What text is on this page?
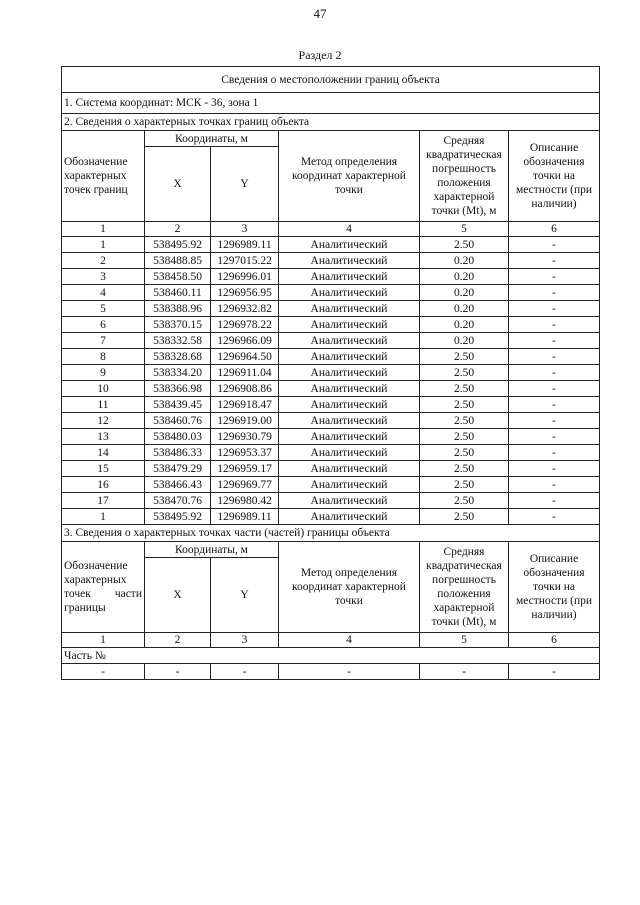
47
Раздел 2
Сведения о местоположении границ объекта					
1. Система координат: МСК - 36, зона 1					
2. Сведения о характерных точках границ объекта					
Обозначение характерных точек границ	Координаты, м		Метод определения координат характерной точки	Средняя квадратическая погрешность положения характерной точки (Mt), м	Описание обозначения точки на местности (при наличии)
	X	Y			
1	2	3	4	5	6
1	538495.92	1296989.11	Аналитический	2.50	-
2	538488.85	1297015.22	Аналитический	0.20	-
3	538458.50	1296996.01	Аналитический	0.20	-
4	538460.11	1296956.95	Аналитический	0.20	-
5	538388.96	1296932.82	Аналитический	0.20	-
6	538370.15	1296978.22	Аналитический	0.20	-
7	538332.58	1296966.09	Аналитический	0.20	-
8	538328.68	1296964.50	Аналитический	2.50	-
9	538334.20	1296911.04	Аналитический	2.50	-
10	538366.98	1296908.86	Аналитический	2.50	-
11	538439.45	1296918.47	Аналитический	2.50	-
12	538460.76	1296919.00	Аналитический	2.50	-
13	538480.03	1296930.79	Аналитический	2.50	-
14	538486.33	1296953.37	Аналитический	2.50	-
15	538479.29	1296959.17	Аналитический	2.50	-
16	538466.43	1296969.77	Аналитический	2.50	-
17	538470.76	1296980.42	Аналитический	2.50	-
1	538495.92	1296989.11	Аналитический	2.50	-
3. Сведения о характерных точках части (частей) границы объекта					
Обозначение характерных точек части границы	Координаты, м		Метод определения координат характерной точки	Средняя квадратическая погрешность положения характерной точки (Mt), м	Описание обозначения точки на местности (при наличии)
	X	Y			
1	2	3	4	5	6
Часть №					
-	-	-	-	-	-
